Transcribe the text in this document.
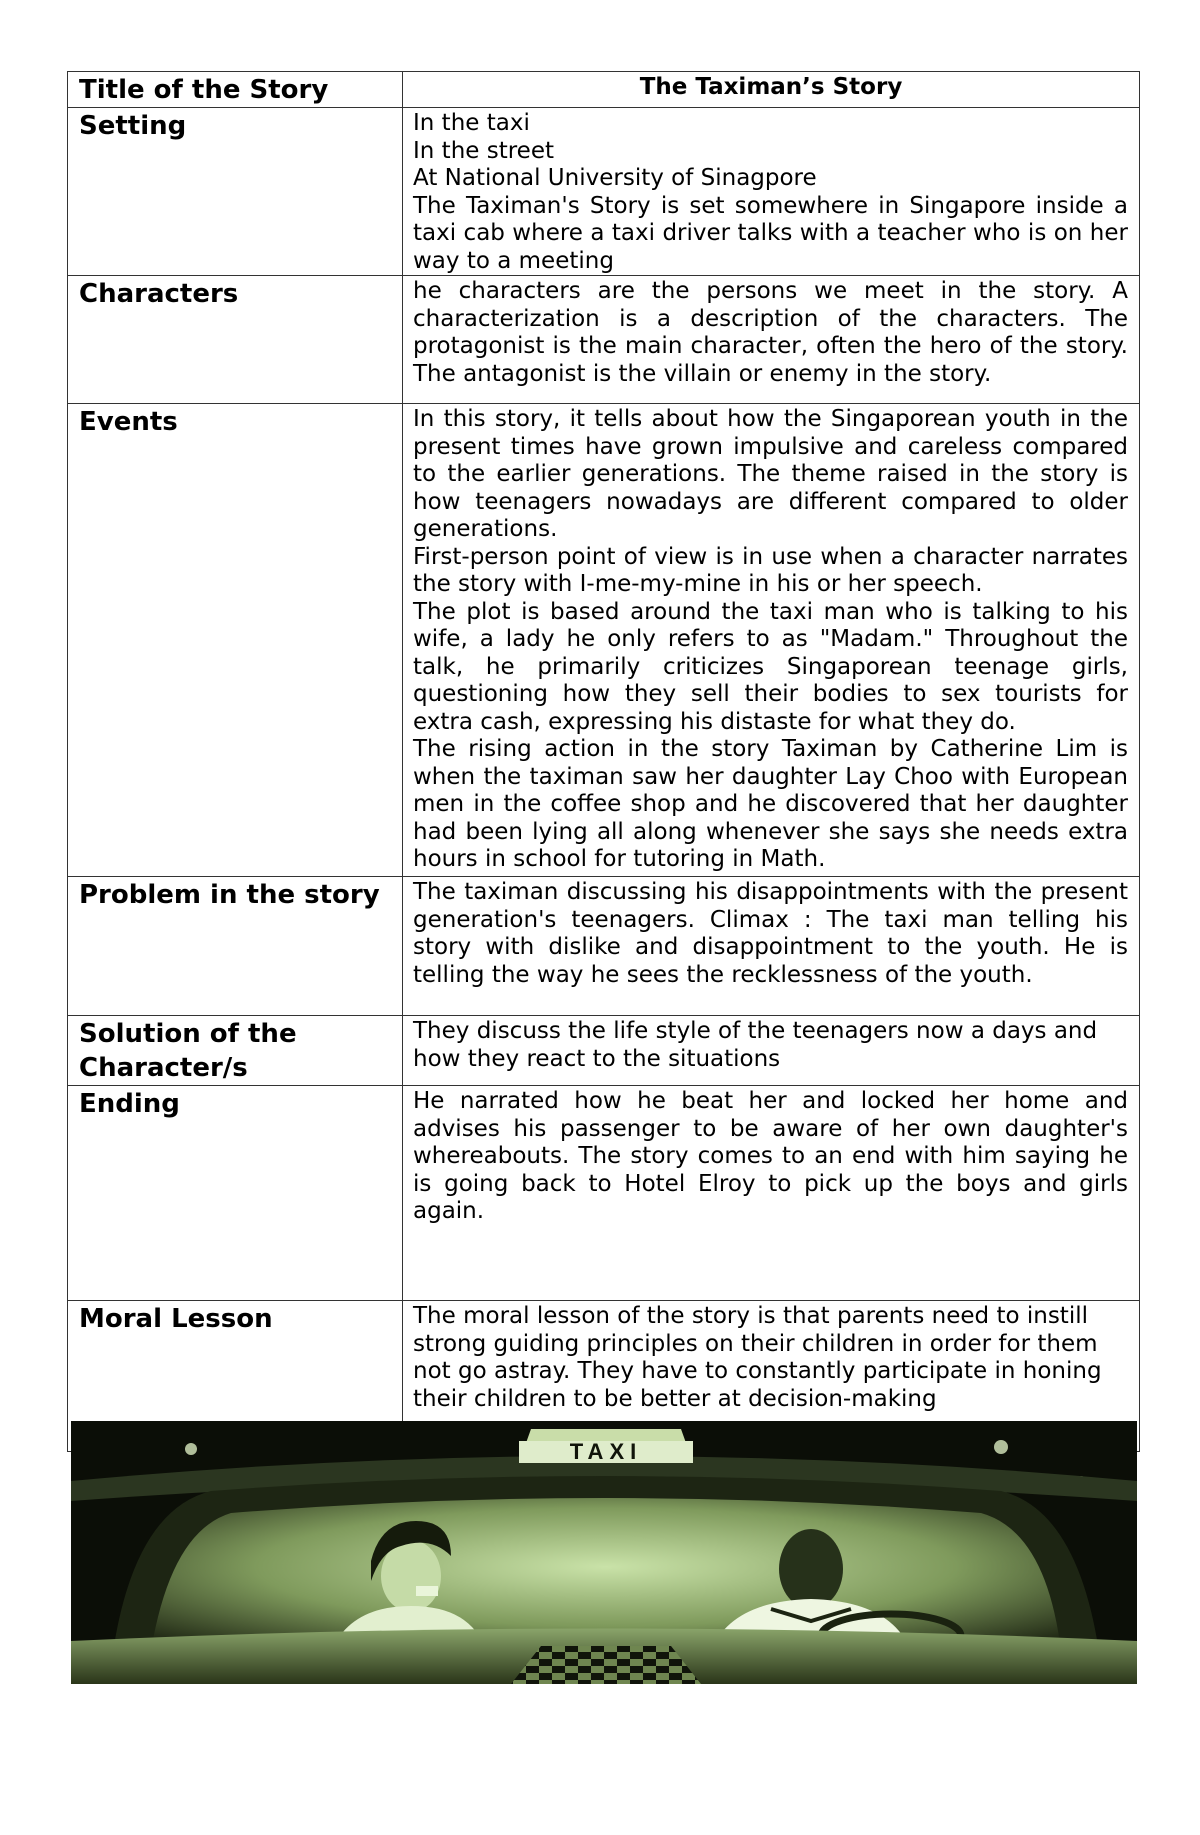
Title of the Story	The Taximan’s Story
Setting	In the taxi

In the street

At National University of Sinagpore

The Taximan's Story is set somewhere in Singapore inside a taxi cab where a taxi driver talks with a teacher who is on her way to a meeting

Characters	he characters are the persons we meet in the story. A characterization is a description of the characters. The protagonist is the main character, often the hero of the story. The antagonist is the villain or enemy in the story.

Events	In this story, it tells about how the Singaporean youth in the present times have grown impulsive and careless compared to the earlier generations. The theme raised in the story is how teenagers nowadays are different compared to older generations.

First-person point of view is in use when a character narrates the story with I-me-my-mine in his or her speech.

The plot is based around the taxi man who is talking to his wife, a lady he only refers to as "Madam." Throughout the talk, he primarily criticizes Singaporean teenage girls, questioning how they sell their bodies to sex tourists for extra cash, expressing his distaste for what they do.

The rising action in the story Taximan by Catherine Lim is when the taximan saw her daughter Lay Choo with European men in the coffee shop and he discovered that her daughter had been lying all along whenever she says she needs extra hours in school for tutoring in Math.

Problem in the story	The taximan discussing his disappointments with the present generation's teenagers. Climax : The taxi man telling his story with dislike and disappointment to the youth. He is telling the way he sees the recklessness of the youth.

Solution of the Character/s	They discuss the life style of the teenagers now a days and how they react to the situations

Ending	He narrated how he beat her and locked her home and advises his passenger to be aware of her own daughter's whereabouts. The story comes to an end with him saying he is going back to Hotel Elroy to pick up the boys and girls again.

Moral Lesson	The moral lesson of the story is that parents need to instill strong guiding principles on their children in order for them not go astray. They have to constantly participate in honing their children to be better at decision-making

TAXI
